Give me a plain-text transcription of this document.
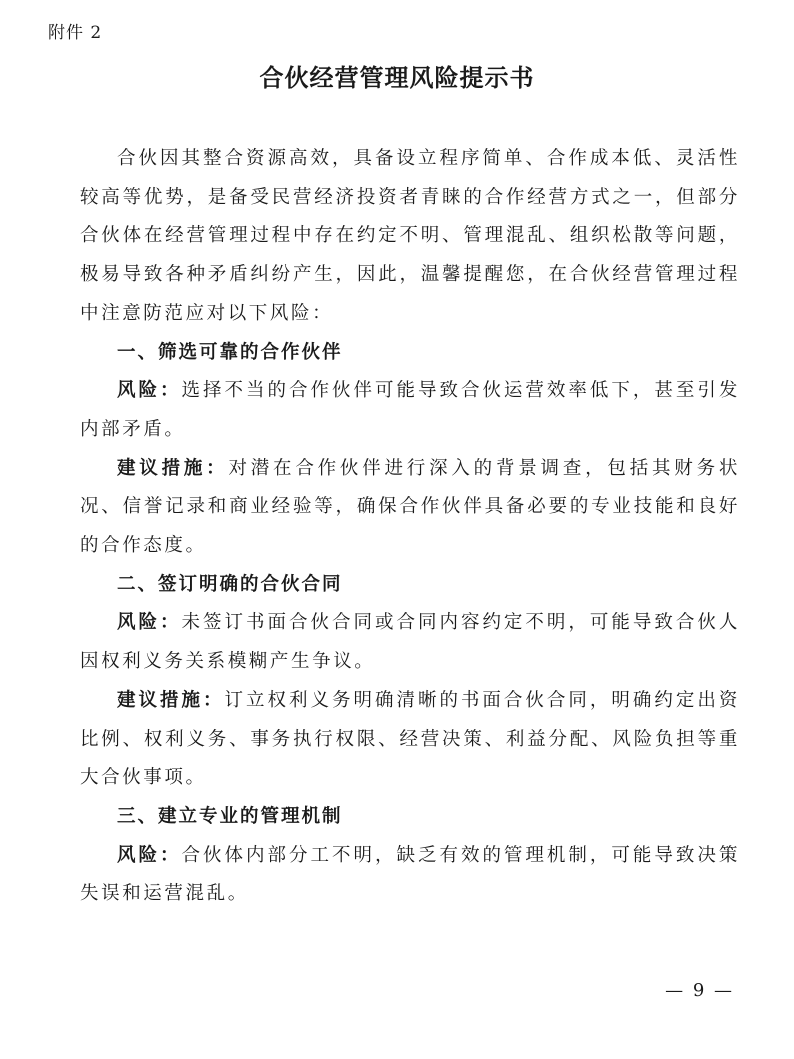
附件 2
合伙经营管理风险提示书

合伙因其整合资源高效，具备设立程序简单、合作成本低、灵活性较高等优势，是备受民营经济投资者青睐的合作经营方式之一，但部分合伙体在经营管理过程中存在约定不明、管理混乱、组织松散等问题，极易导致各种矛盾纠纷产生，因此，温馨提醒您，在合伙经营管理过程中注意防范应对以下风险：

一、筛选可靠的合作伙伴

风险：选择不当的合作伙伴可能导致合伙运营效率低下，甚至引发内部矛盾。

建议措施：对潜在合作伙伴进行深入的背景调查，包括其财务状况、信誉记录和商业经验等，确保合作伙伴具备必要的专业技能和良好的合作态度。

二、签订明确的合伙合同

风险：未签订书面合伙合同或合同内容约定不明，可能导致合伙人因权利义务关系模糊产生争议。

建议措施：订立权利义务明确清晰的书面合伙合同，明确约定出资比例、权利义务、事务执行权限、经营决策、利益分配、风险负担等重大合伙事项。

三、建立专业的管理机制

风险：合伙体内部分工不明，缺乏有效的管理机制，可能导致决策失误和运营混乱。

— 9 —
